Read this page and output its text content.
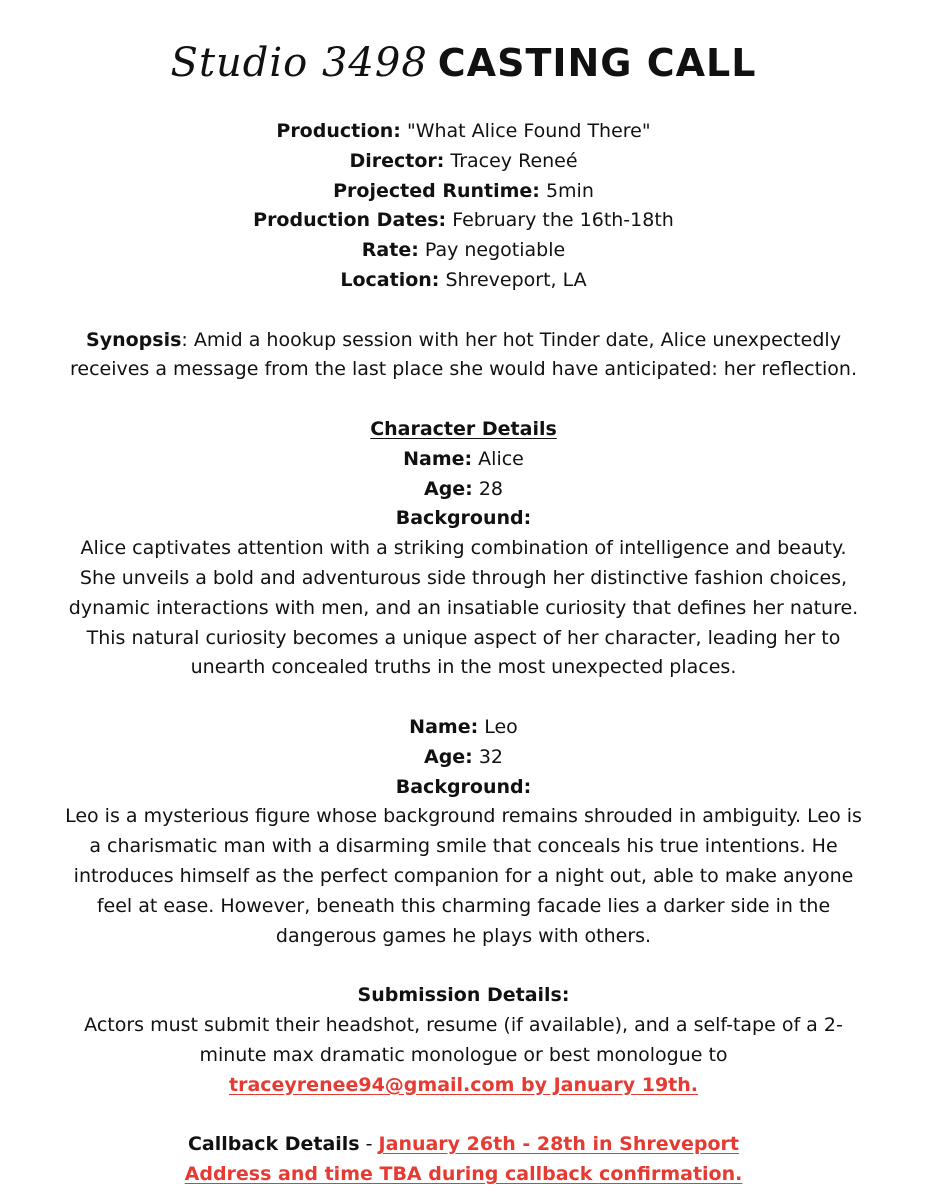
Studio 3498 CASTING CALL
Production: "What Alice Found There"
Director: Tracey Reneé
Projected Runtime: 5min
Production Dates: February the 16th-18th
Rate: Pay negotiable
Location: Shreveport, LA
Synopsis: Amid a hookup session with her hot Tinder date, Alice unexpectedly receives a message from the last place she would have anticipated: her reflection.
Character Details
Name: Alice
Age: 28
Background:
Alice captivates attention with a striking combination of intelligence and beauty. She unveils a bold and adventurous side through her distinctive fashion choices, dynamic interactions with men, and an insatiable curiosity that defines her nature. This natural curiosity becomes a unique aspect of her character, leading her to unearth concealed truths in the most unexpected places.
Name: Leo
Age: 32
Background:
Leo is a mysterious figure whose background remains shrouded in ambiguity. Leo is a charismatic man with a disarming smile that conceals his true intentions. He introduces himself as the perfect companion for a night out, able to make anyone feel at ease. However, beneath this charming facade lies a darker side in the dangerous games he plays with others.
Submission Details:
Actors must submit their headshot, resume (if available), and a self-tape of a 2-minute max dramatic monologue or best monologue to traceyrenee94@gmail.com by January 19th.
Callback Details - January 26th - 28th in Shreveport
Address and time TBA during callback confirmation.
